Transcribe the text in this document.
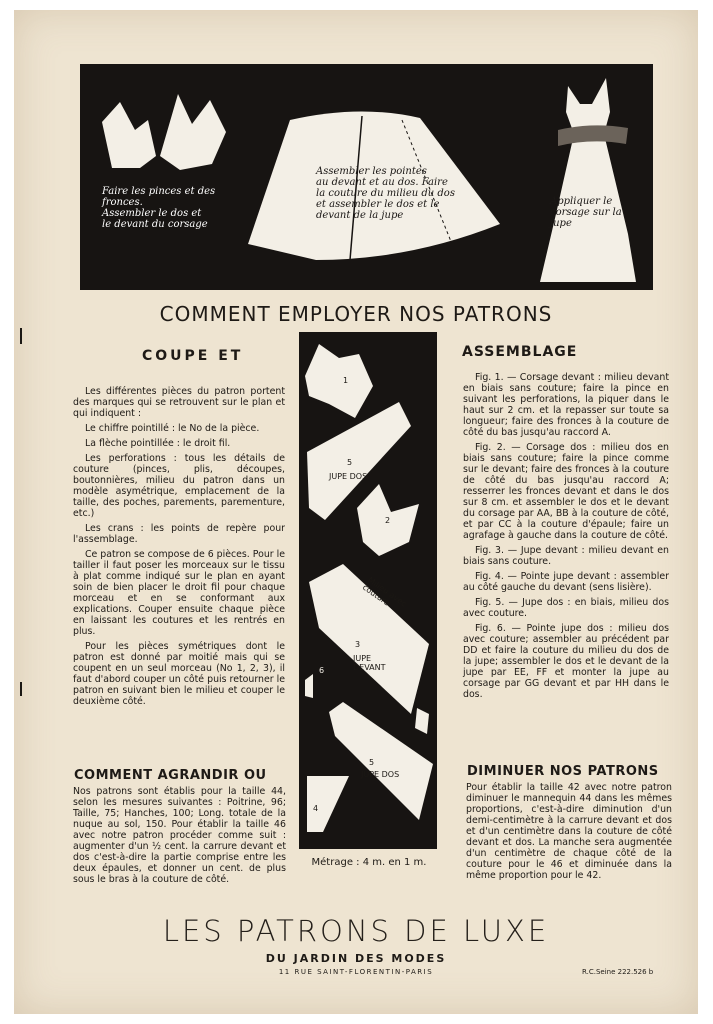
Faire les pinces et des
fronces.
Assembler le dos et
le devant du corsage
Assembler les pointes
au devant et au dos. Faire
la couture du milieu du dos
et assembler le dos et le
devant de la jupe
Appliquer le
corsage sur la
jupe
COMMENT EMPLOYER NOS PATRONS
COUPE ET	ASSEMBLAGE

Les différentes pièces du patron portent des marques qui se retrouvent sur le plan et qui indiquent :

Le chiffre pointillé : le No de la pièce.

La flèche pointillée : le droit fil.

Les perforations : tous les détails de couture (pinces, plis, découpes, boutonnières, milieu du patron dans un modèle asymétrique, emplacement de la taille, des poches, parements, parementure, etc.)

Les crans : les points de repère pour l'assemblage.

Ce patron se compose de 6 pièces. Pour le tailler il faut poser les morceaux sur le tissu à plat comme indiqué sur le plan en ayant soin de bien placer le droit fil pour chaque morceau et en se conformant aux explications. Couper ensuite chaque pièce en laissant les coutures et les rentrés en plus.

Pour les pièces symétriques dont le patron est donné par moitié mais qui se coupent en un seul morceau (No 1, 2, 3), il faut d'abord couper un côté puis retourner le patron en suivant bien le milieu et couper le deuxième côté.

1
JUPE DOS
5
2
3
JUPE DEVANT
Milieu avec couture
5
JUPE DOS
4
6
Métrage : 4 m. en 1 m.

Fig. 1. — Corsage devant : milieu devant en biais sans couture; faire la pince en suivant les perforations, la piquer dans le haut sur 2 cm. et la repasser sur toute sa longueur; faire des fronces à la couture de côté du bas jusqu'au raccord A.

Fig. 2. — Corsage dos : milieu dos en biais sans couture; faire la pince comme sur le devant; faire des fronces à la couture de côté du bas jusqu'au raccord A; resserrer les fronces devant et dans le dos sur 8 cm. et assembler le dos et le devant du corsage par AA, BB à la couture de côté, et par CC à la couture d'épaule; faire un agrafage à gauche dans la couture de côté.

Fig. 3. — Jupe devant : milieu devant en biais sans couture.

Fig. 4. — Pointe jupe devant : assembler au côté gauche du devant (sens lisière).

Fig. 5. — Jupe dos : en biais, milieu dos avec couture.

Fig. 6. — Pointe jupe dos : milieu dos avec couture; assembler au précédent par DD et faire la couture du milieu du dos de la jupe; assembler le dos et le devant de la jupe par EE, FF et monter la jupe au corsage par GG devant et par HH dans le dos.

COMMENT AGRANDIR OU	DIMINUER NOS PATRONS
Nos patrons sont établis pour la taille 44, selon les mesures suivantes : Poitrine, 96; Taille, 75; Hanches, 100; Long. totale de la nuque au sol, 150. Pour établir la taille 46 avec notre patron procéder comme suit : augmenter d'un ½ cent. la carrure devant et dos c'est-à-dire la partie comprise entre les deux épaules, et donner un cent. de plus sous le bras à la couture de côté.
Pour établir la taille 42 avec notre patron diminuer le mannequin 44 dans les mêmes proportions, c'est-à-dire diminution d'un demi-centimètre à la carrure devant et dos et d'un centimètre dans la couture de côté devant et dos. La manche sera augmentée d'un centimètre de chaque côté de la couture pour le 46 et diminuée dans la même proportion pour le 42.
LES PATRONS DE LUXE
DU JARDIN DES MODES
11 RUE SAINT-FLORENTIN-PARIS	R.C.Seine 222.526 b
